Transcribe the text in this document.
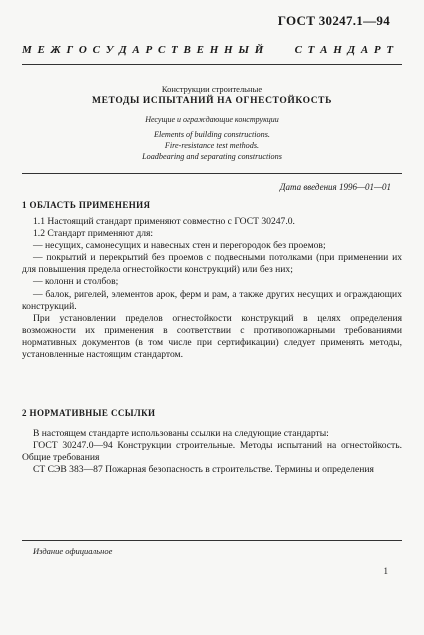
ГОСТ 30247.1—94
М Е Ж Г О С У Д А Р С Т В Е Н Н Ы Й

С Т А Н Д А Р Т
Конструкции строительные
МЕТОДЫ ИСПЫТАНИЙ НА ОГНЕСТОЙКОСТЬ
Несущие и ограждающие конструкции
Elements of building constructions.
Fire-resistance test methods.
Loadbearing and separating constructions
Дата введения 1996—01—01
1 ОБЛАСТЬ ПРИМЕНЕНИЯ

1.1 Настоящий стандарт применяют совместно с ГОСТ 30247.0.

1.2 Стандарт применяют для:

— несущих, самонесущих и навесных стен и перегородок без проемов;

— покрытий и перекрытий без проемов с подвесными потолками (при применении их для повышения предела огнестойкости конструкций) или без них;

— колонн и столбов;

— балок, ригелей, элементов арок, ферм и рам, а также других несущих и ограждающих конструкций.

При установлении пределов огнестойкости конструкций в целях определения возможности их применения в соответствии с противопожарными требованиями нормативных документов (в том числе при сертификации) следует применять методы, установленные настоящим стандартом.

2 НОРМАТИВНЫЕ ССЫЛКИ

В настоящем стандарте использованы ссылки на следующие стандарты:

ГОСТ 30247.0—94 Конструкции строительные. Методы испытаний на огнестойкость. Общие требования

СТ СЭВ 383—87 Пожарная безопасность в строительстве. Термины и определения

Издание официальное
1
